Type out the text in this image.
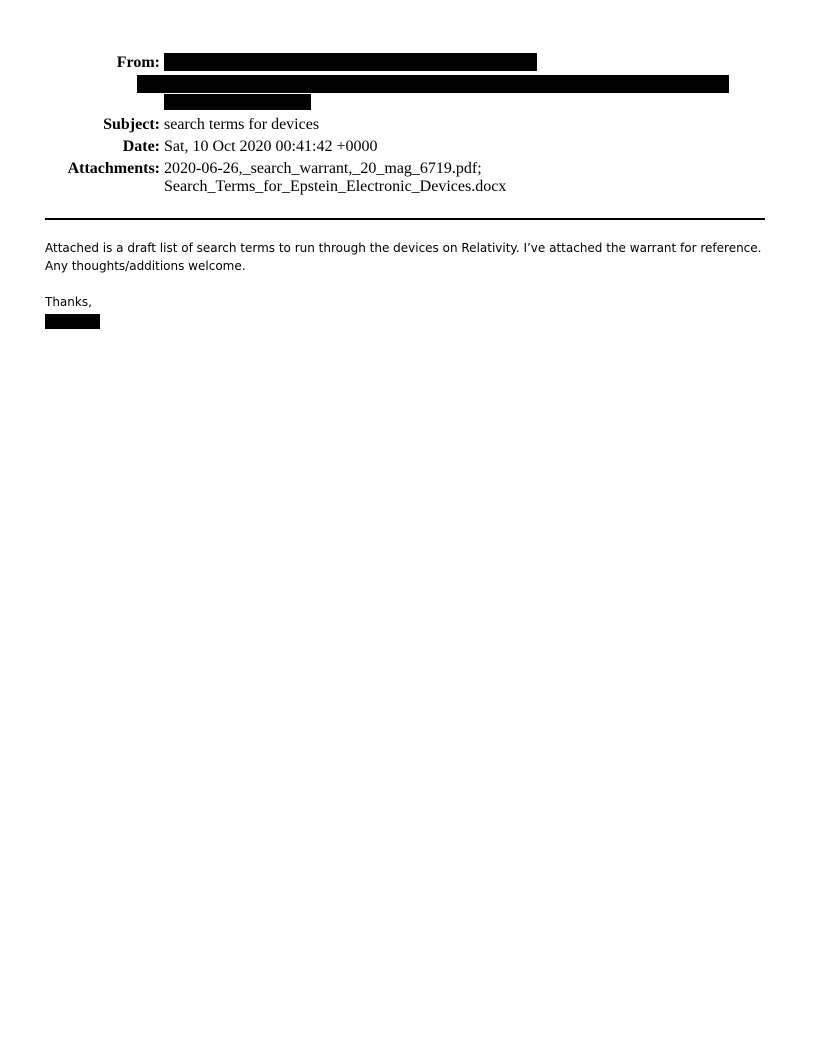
From:
Subject: search terms for devices
Date: Sat, 10 Oct 2020 00:41:42 +0000
Attachments: 2020-06-26,_search_warrant,_20_mag_6719.pdf;
Search_Terms_for_Epstein_Electronic_Devices.docx
Attached is a draft list of search terms to run through the devices on Relativity. I’ve attached the warrant for reference.
Any thoughts/additions welcome.
Thanks,
